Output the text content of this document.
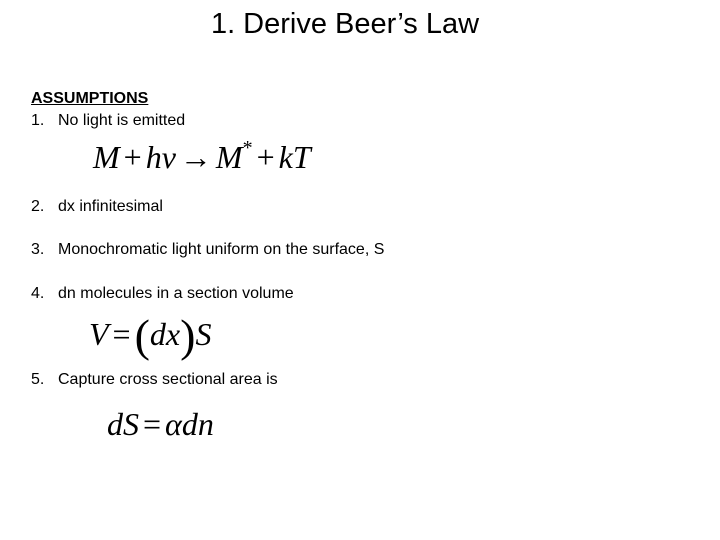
1. Derive Beer’s Law
ASSUMPTIONS
1. No light is emitted
M + hν → M* + kT
2. dx infinitesimal
3. Monochromatic light uniform on the surface, S
4. dn molecules in a section volume
V =(dx)S
5. Capture cross sectional area is
dS = αdn
